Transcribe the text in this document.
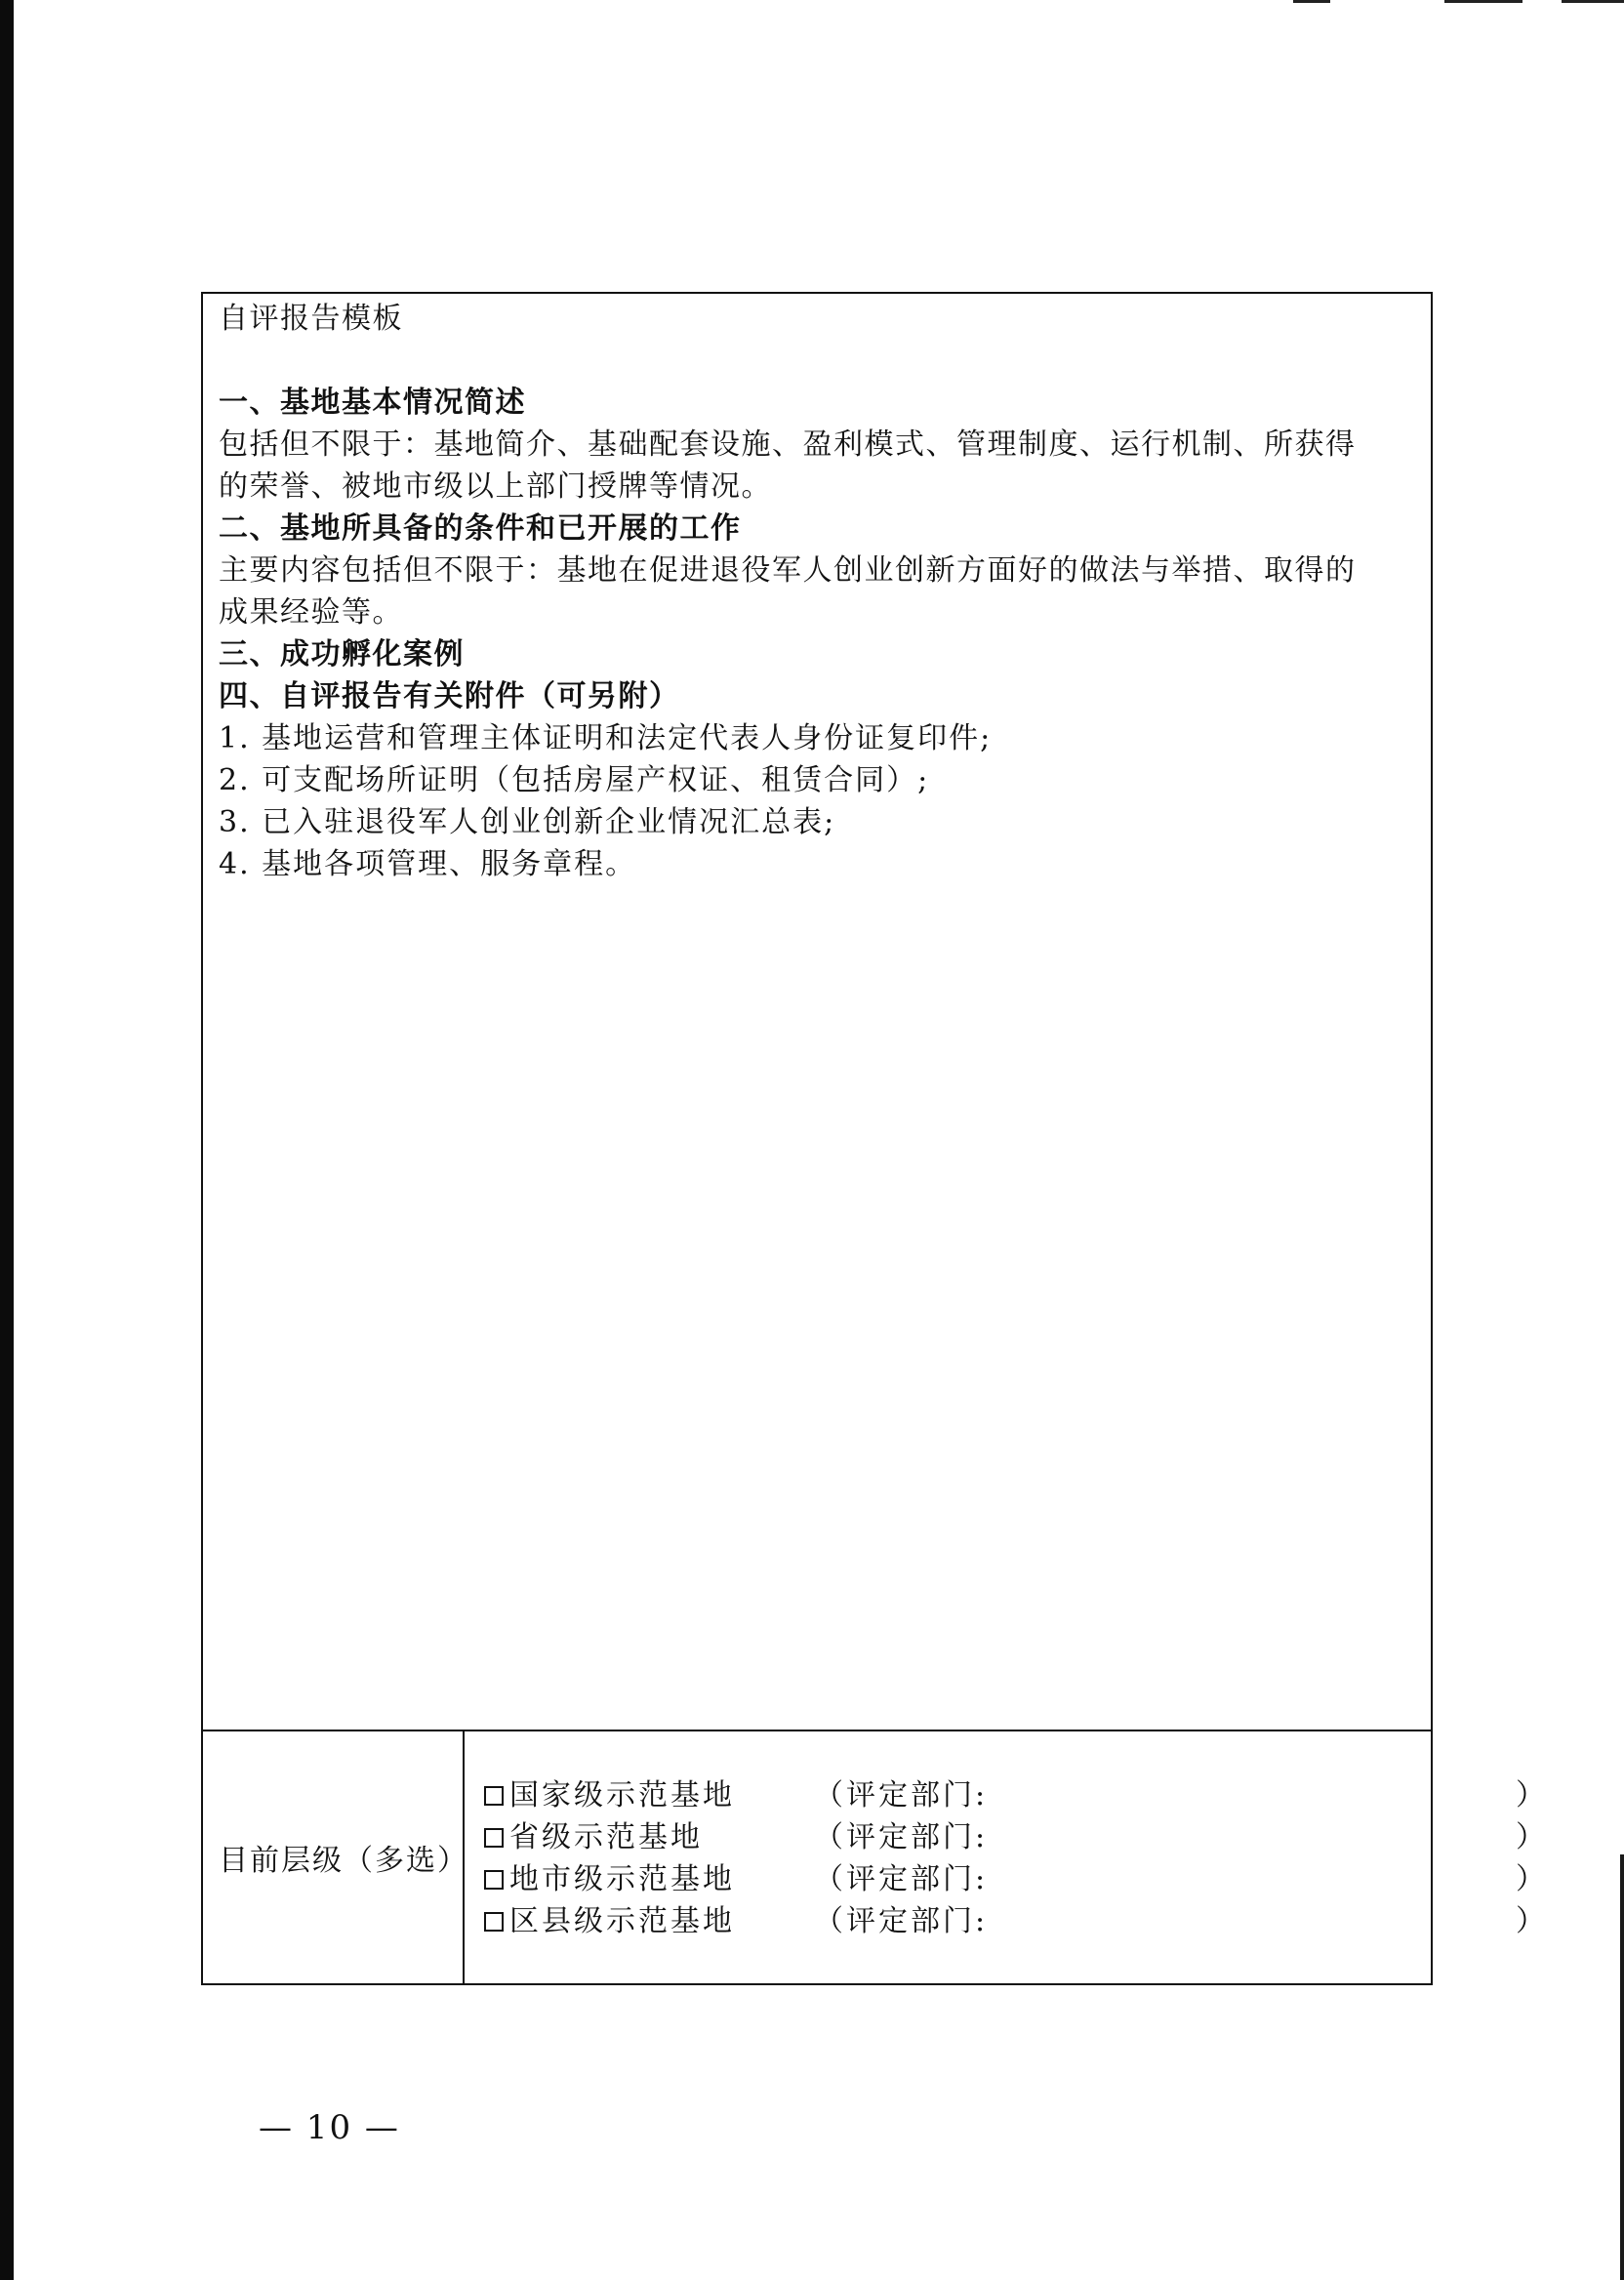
自评报告模板

一、基地基本情况简述

包括但不限于：基地简介、基础配套设施、盈利模式、管理制度、运行机制、所获得

的荣誉、被地市级以上部门授牌等情况。

二、基地所具备的条件和已开展的工作

主要内容包括但不限于：基地在促进退役军人创业创新方面好的做法与举措、取得的

成果经验等。

三、成功孵化案例

四、自评报告有关附件（可另附）

1. 基地运营和管理主体证明和法定代表人身份证复印件;

2. 可支配场所证明（包括房屋产权证、租赁合同）;

3. 已入驻退役军人创业创新企业情况汇总表;

4. 基地各项管理、服务章程。

目前层级（多选）
国家级示范基地	（评定部门:	）
省级示范基地	（评定部门:	）
地市级示范基地	（评定部门:	）
区县级示范基地	（评定部门:	）
— 10 —
